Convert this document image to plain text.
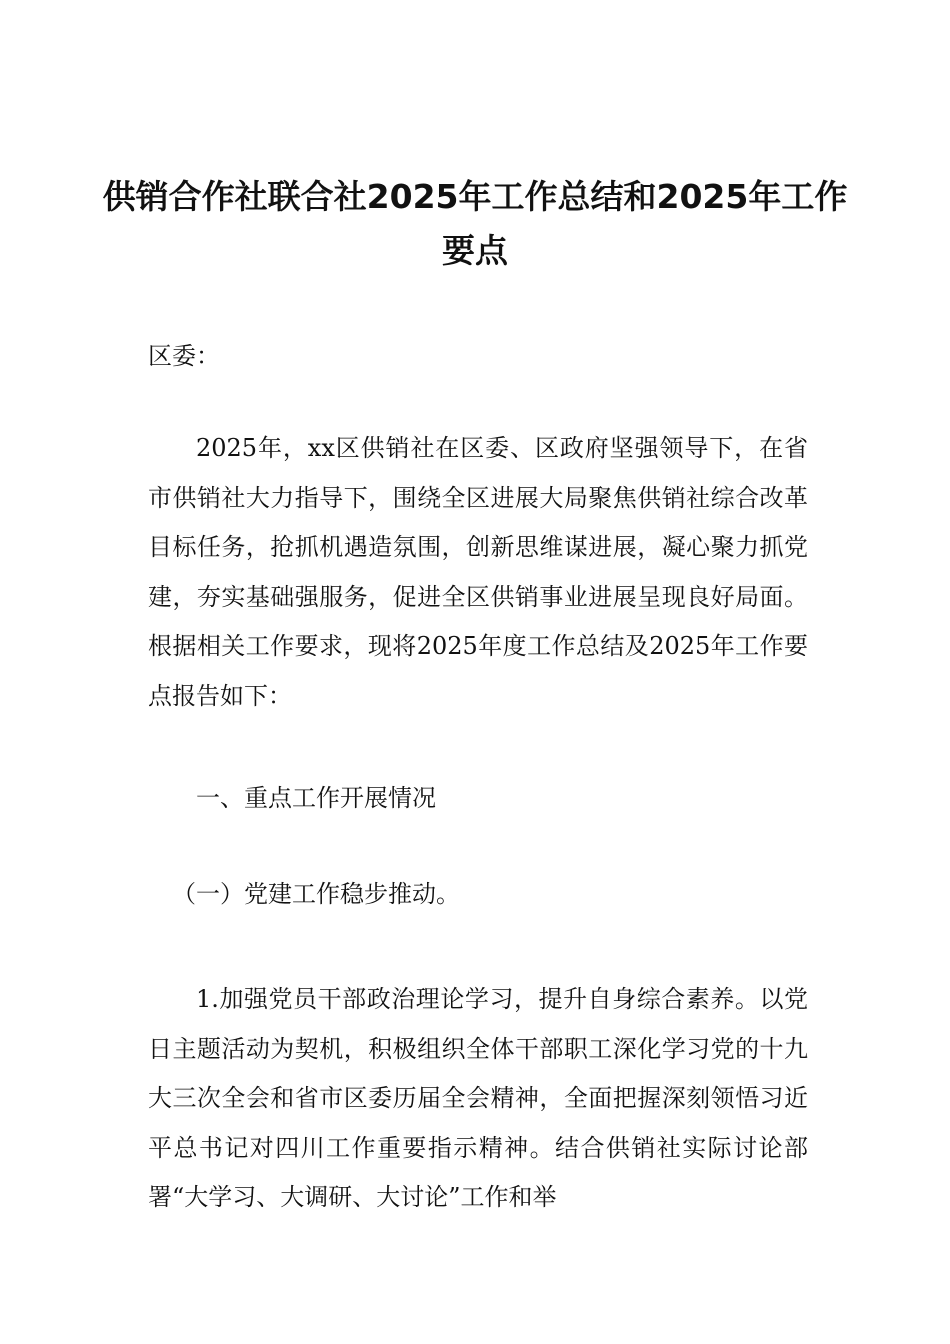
供销合作社联合社2025年工作总结和2025年工作要点

区委：

2025年，xx区供销社在区委、区政府坚强领导下，在省市供销社大力指导下，围绕全区进展大局聚焦供销社综合改革目标任务，抢抓机遇造氛围，创新思维谋进展，凝心聚力抓党建，夯实基础强服务，促进全区供销事业进展呈现良好局面。根据相关工作要求，现将2025年度工作总结及2025年工作要点报告如下：

一、重点工作开展情况

（一）党建工作稳步推动。

1.加强党员干部政治理论学习，提升自身综合素养。以党日主题活动为契机，积极组织全体干部职工深化学习党的十九大三次全会和省市区委历届全会精神，全面把握深刻领悟习近平总书记对四川工作重要指示精神。结合供销社实际讨论部署“大学习、大调研、大讨论”工作和举
